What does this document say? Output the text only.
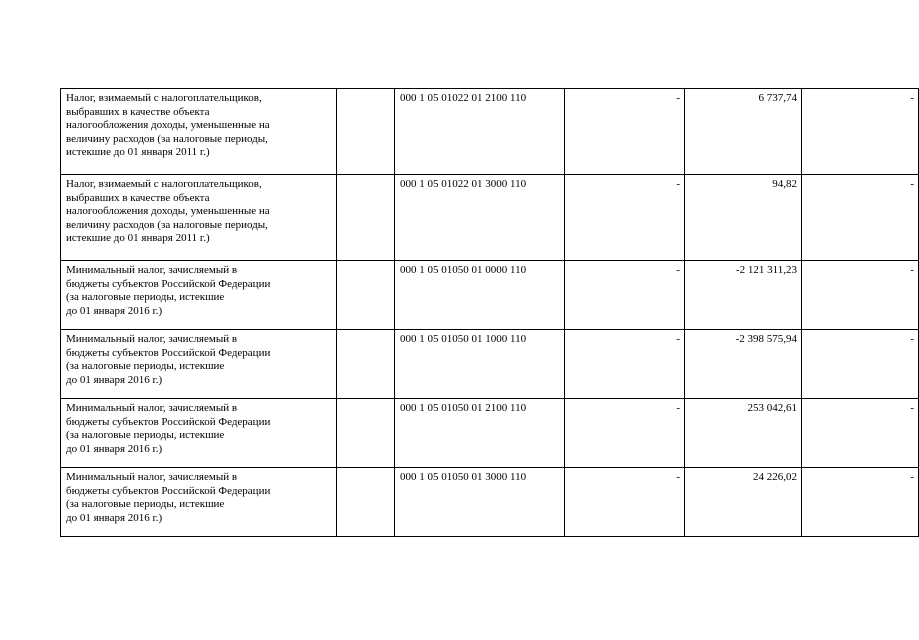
Налог, взимаемый с налогоплательщиков,
выбравших в качестве объекта
налогообложения доходы, уменьшенные на
величину расходов (за налоговые периоды,
истекшие до 01 января 2011 г.)		000 1 05 01022 01 2100 110	-	6 737,74	-
Налог, взимаемый с налогоплательщиков,
выбравших в качестве объекта
налогообложения доходы, уменьшенные на
величину расходов (за налоговые периоды,
истекшие до 01 января 2011 г.)		000 1 05 01022 01 3000 110	-	94,82	-
Минимальный налог, зачисляемый в
бюджеты субъектов Российской Федерации
(за налоговые периоды, истекшие
до 01 января 2016 г.)		000 1 05 01050 01 0000 110	-	-2 121 311,23	-
Минимальный налог, зачисляемый в
бюджеты субъектов Российской Федерации
(за налоговые периоды, истекшие
до 01 января 2016 г.)		000 1 05 01050 01 1000 110	-	-2 398 575,94	-
Минимальный налог, зачисляемый в
бюджеты субъектов Российской Федерации
(за налоговые периоды, истекшие
до 01 января 2016 г.)		000 1 05 01050 01 2100 110	-	253 042,61	-
Минимальный налог, зачисляемый в
бюджеты субъектов Российской Федерации
(за налоговые периоды, истекшие
до 01 января 2016 г.)		000 1 05 01050 01 3000 110	-	24 226,02	-
